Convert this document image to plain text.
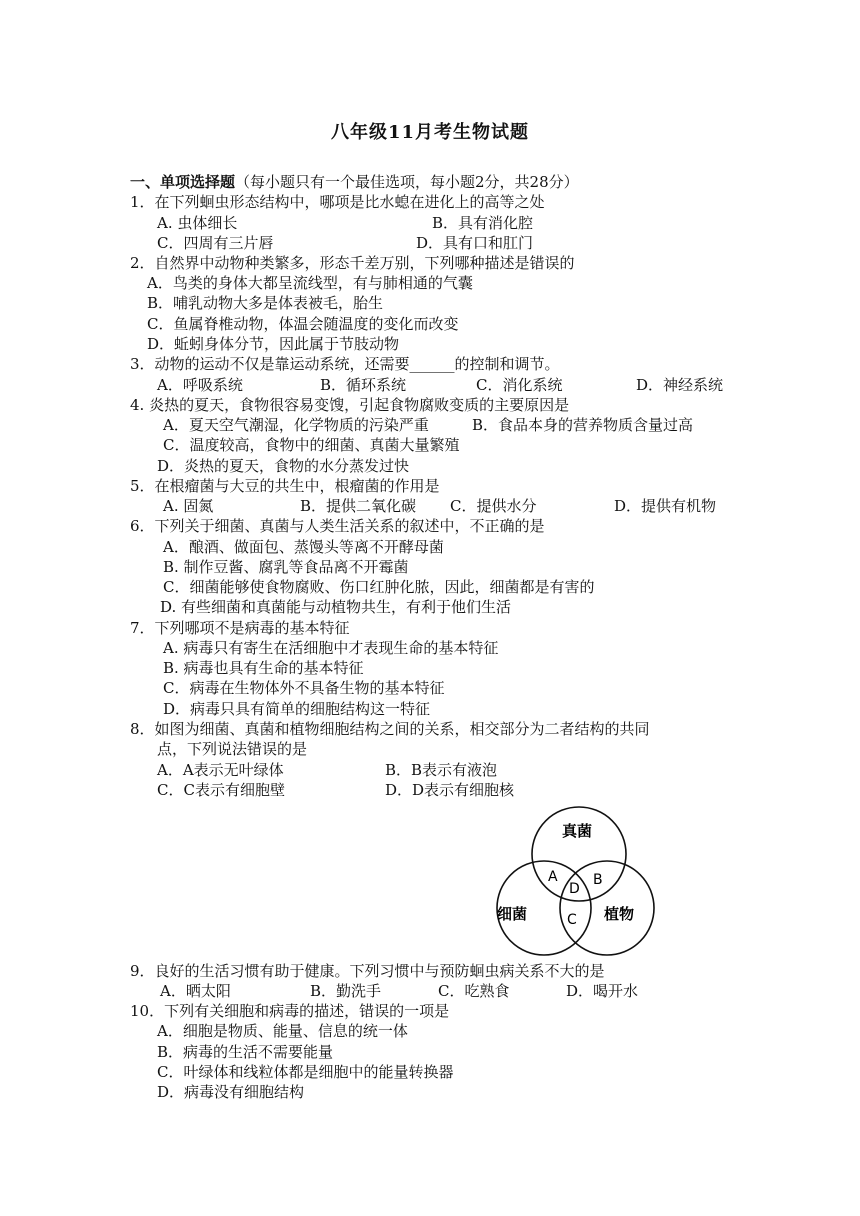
八年级11月考生物试题
一、单项选择题（每小题只有一个最佳选项，每小题2分，共28分）
1．在下列蛔虫形态结构中，哪项是比水螅在进化上的高等之处
A. 虫体细长	B．具有消化腔
C．四周有三片唇	D．具有口和肛门
2．自然界中动物种类繁多，形态千差万别，下列哪种描述是错误的
A．鸟类的身体大都呈流线型，有与肺相通的气囊
B．哺乳动物大多是体表被毛，胎生
C．鱼属脊椎动物，体温会随温度的变化而改变
D．蚯蚓身体分节，因此属于节肢动物
3．动物的运动不仅是靠运动系统，还需要______的控制和调节。
A．呼吸系统	B．循环系统	C．消化系统	D．神经系统
4. 炎热的夏天，食物很容易变馊，引起食物腐败变质的主要原因是
A．夏天空气潮湿，化学物质的污染严重	B．食品本身的营养物质含量过高
C．温度较高，食物中的细菌、真菌大量繁殖
D．炎热的夏天，食物的水分蒸发过快
5．在根瘤菌与大豆的共生中，根瘤菌的作用是
A. 固氮	B．提供二氧化碳 C．提供水分	D．提供有机物
6．下列关于细菌、真菌与人类生活关系的叙述中，不正确的是
A．酿酒、做面包、蒸馒头等离不开酵母菌
B. 制作豆酱、腐乳等食品离不开霉菌
C．细菌能够使食物腐败、伤口红肿化脓，因此，细菌都是有害的
D. 有些细菌和真菌能与动植物共生，有利于他们生活
7．下列哪项不是病毒的基本特征
A. 病毒只有寄生在活细胞中才表现生命的基本特征
B. 病毒也具有生命的基本特征
C．病毒在生物体外不具备生物的基本特征
D．病毒只具有简单的细胞结构这一特征
8．如图为细菌、真菌和植物细胞结构之间的关系，相交部分为二者结构的共同
点，下列说法错误的是
A．A表示无叶绿体	B．B表示有液泡
C．C表示有细胞壁	D．D表示有细胞核
真菌
细菌	植物
A	B
C
D
9．良好的生活习惯有助于健康。下列习惯中与预防蛔虫病关系不大的是
A．晒太阳	B．勤洗手	C．吃熟食	D．喝开水
10．下列有关细胞和病毒的描述，错误的一项是
A．细胞是物质、能量、信息的统一体
B．病毒的生活不需要能量
C．叶绿体和线粒体都是细胞中的能量转换器
D．病毒没有细胞结构
